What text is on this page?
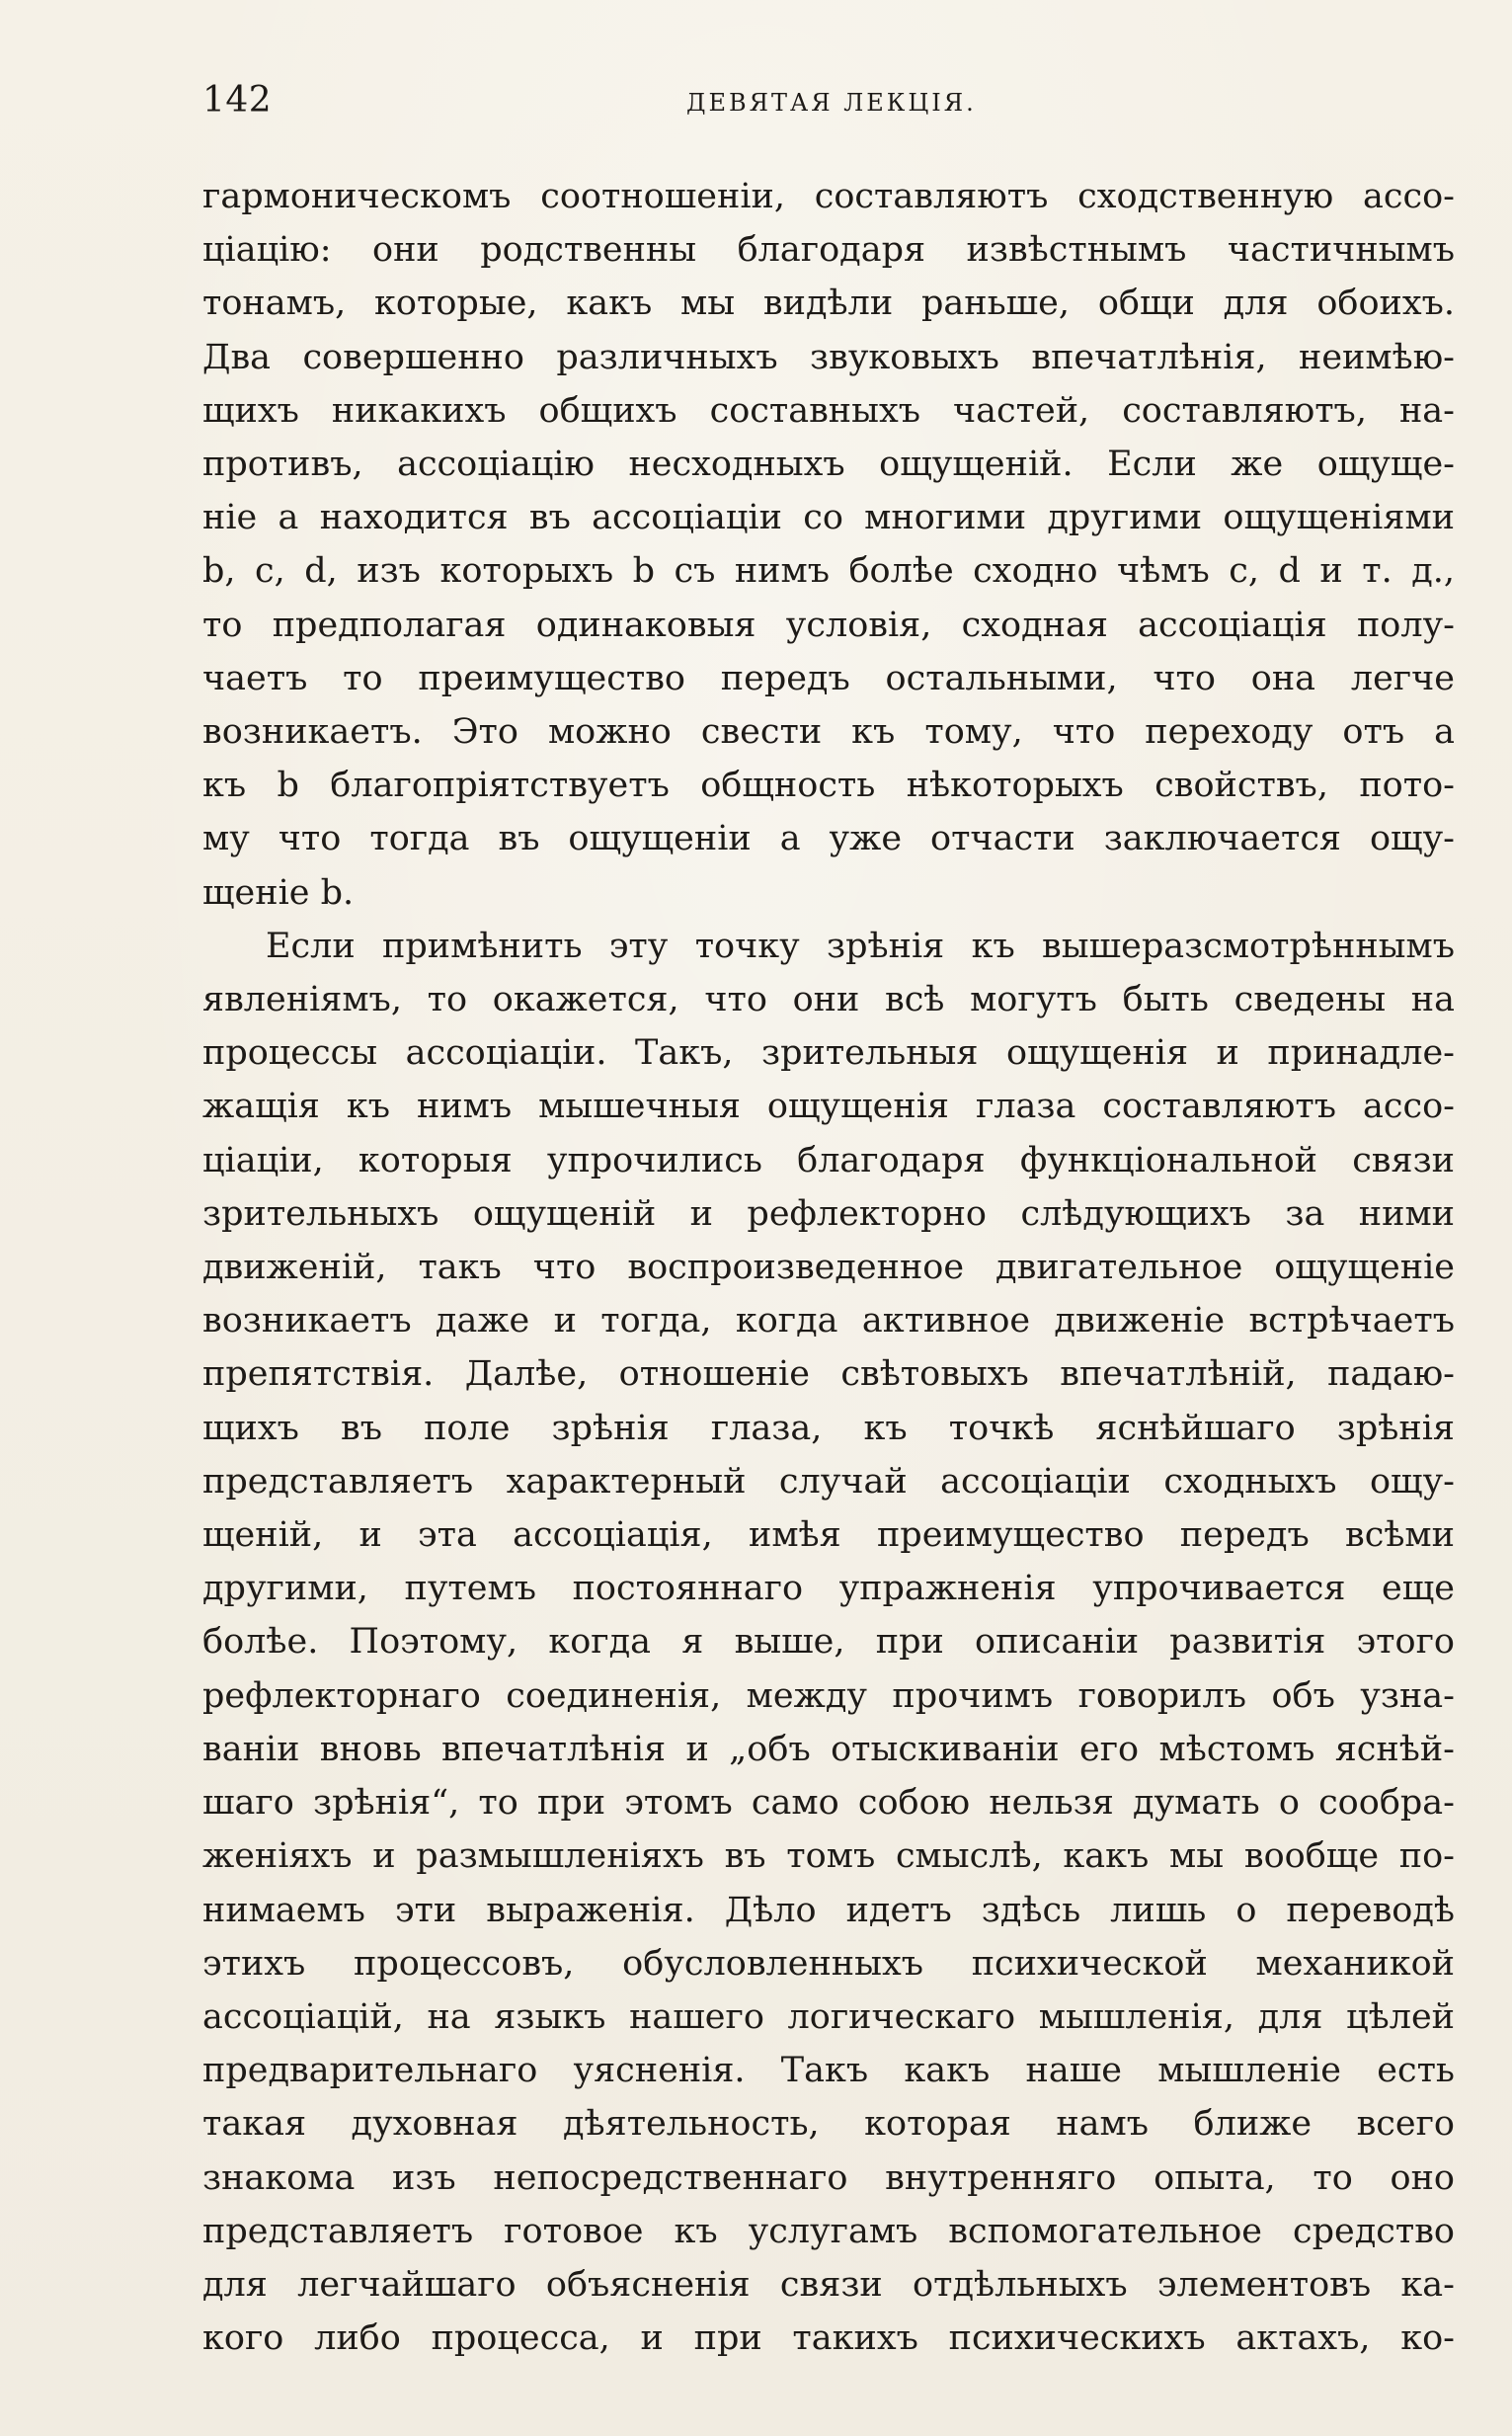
142	ДЕВЯТАЯ ЛЕКЦІЯ.

гармоническомъ соотношенiи, составляютъ сходственную ассо-
цiацiю: они родственны благодаря извѣстнымъ частичнымъ
тонамъ, которые, какъ мы видѣли раньше, общи для обоихъ.
Два совершенно различныхъ звуковыхъ впечатлѣнiя, неимѣю-
щихъ никакихъ общихъ составныхъ частей, составляютъ, на-
противъ, ассоцiацiю несходныхъ ощущенiй. Если же ощуще-
нiе a находится въ ассоцiацiи со многими другими ощущенiями
b, c, d, изъ которыхъ b съ нимъ болѣе сходно чѣмъ c, d и т. д.,
то предполагая одинаковыя условiя, сходная ассоцiацiя полу-
чаетъ то преимущество передъ остальными, что она легче
возникаетъ. Это можно свести къ тому, что переходу отъ a
къ b благопрiятствуетъ общность нѣкоторыхъ свойствъ, пото-
му что тогда въ ощущенiи a уже отчасти заключается ощу-
щенiе b.

Если примѣнить эту точку зрѣнiя къ вышеразсмотрѣннымъ
явленiямъ, то окажется, что они всѣ могутъ быть сведены на
процессы ассоцiацiи. Такъ, зрительныя ощущенiя и принадле-
жащiя къ нимъ мышечныя ощущенiя глаза составляютъ ассо-
цiацiи, которыя упрочились благодаря функцiональной связи
зрительныхъ ощущенiй и рефлекторно слѣдующихъ за ними
движенiй, такъ что воспроизведенное двигательное ощущенiе
возникаетъ даже и тогда, когда активное движенiе встрѣчаетъ
препятствiя. Далѣе, отношенiе свѣтовыхъ впечатлѣнiй, падаю-
щихъ въ поле зрѣнiя глаза, къ точкѣ яснѣйшаго зрѣнiя
представляетъ характерный случай ассоцiацiи сходныхъ ощу-
щенiй, и эта ассоцiацiя, имѣя преимущество передъ всѣми
другими, путемъ постояннаго упражненiя упрочивается еще
болѣе. Поэтому, когда я выше, при описанiи развитiя этого
рефлекторнаго соединенiя, между прочимъ говорилъ объ узна-
ванiи вновь впечатлѣнiя и „объ отыскиванiи его мѣстомъ яснѣй-
шаго зрѣнiя“, то при этомъ само собою нельзя думать о сообра-
женiяхъ и размышленiяхъ въ томъ смыслѣ, какъ мы вообще по-
нимаемъ эти выраженiя. Дѣло идетъ здѣсь лишь о переводѣ
этихъ процессовъ, обусловленныхъ психической механикой
ассоцiацiй, на языкъ нашего логическаго мышленiя, для цѣлей
предварительнаго уясненiя. Такъ какъ наше мышленiе есть
такая духовная дѣятельность, которая намъ ближе всего
знакома изъ непосредственнаго внутренняго опыта, то оно
представляетъ готовое къ услугамъ вспомогательное средство
для легчайшаго объясненiя связи отдѣльныхъ элементовъ ка-
кого либо процесса, и при такихъ психическихъ актахъ, ко-
